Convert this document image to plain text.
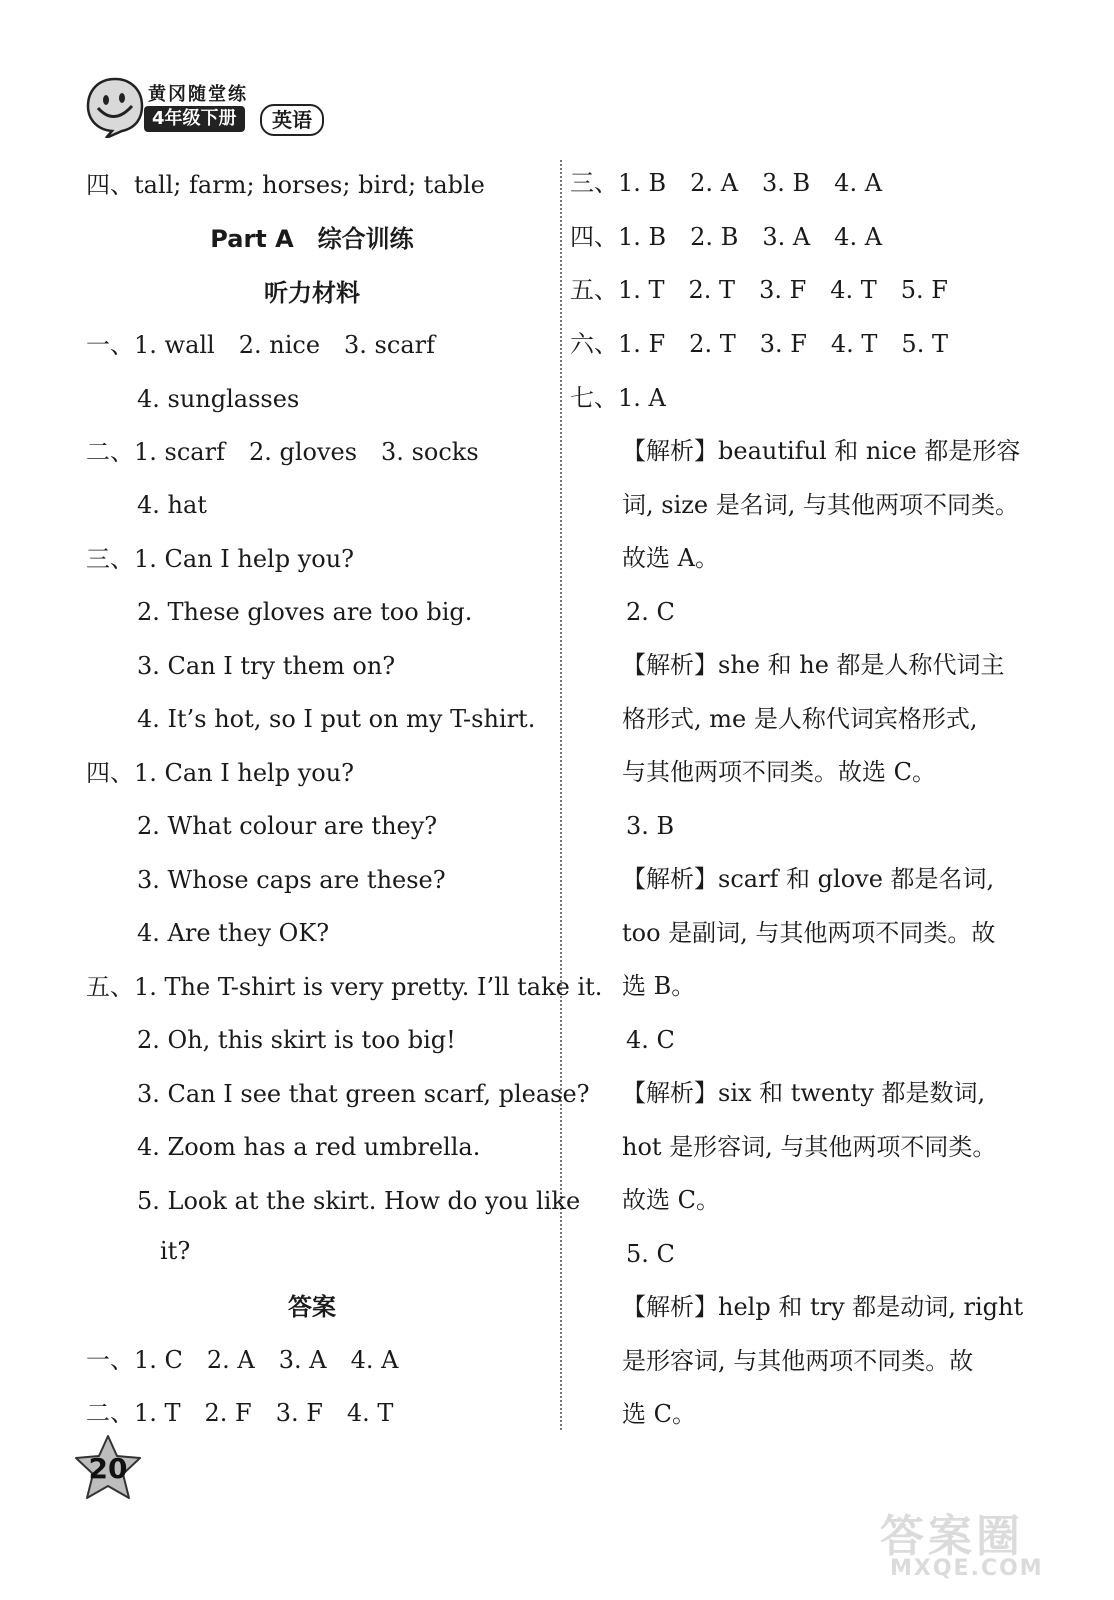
黄冈随堂练
4年级下册	英语
四、tall; farm; horses; bird; table
Part A　综合训练
听力材料
一、1. wall　2. nice　3. scarf
4. sunglasses
二、1. scarf　2. gloves　3. socks
4. hat
三、1. Can I help you?
2. These gloves are too big.
3. Can I try them on?
4. It’s hot, so I put on my T-shirt.
四、1. Can I help you?
2. What colour are they?
3. Whose caps are these?
4. Are they OK?
五、1. The T-shirt is very pretty. I’ll take it.
2. Oh, this skirt is too big!
3. Can I see that green scarf, please?
4. Zoom has a red umbrella.
5. Look at the skirt. How do you like
it?
答案
一、1. C　2. A　3. A　4. A
二、1. T　2. F　3. F　4. T
三、1. B　2. A　3. B　4. A
四、1. B　2. B　3. A　4. A
五、1. T　2. T　3. F　4. T　5. F
六、1. F　2. T　3. F　4. T　5. T
七、1. A
【解析】beautiful 和 nice 都是形容
词, size 是名词, 与其他两项不同类。
故选 A。
2. C
【解析】she 和 he 都是人称代词主
格形式, me 是人称代词宾格形式,
与其他两项不同类。故选 C。
3. B
【解析】scarf 和 glove 都是名词,
too 是副词, 与其他两项不同类。故
选 B。
4. C
【解析】six 和 twenty 都是数词,
hot 是形容词, 与其他两项不同类。
故选 C。
5. C
【解析】help 和 try 都是动词, right
是形容词, 与其他两项不同类。故
选 C。
20
答案圈
MXQE.COM
